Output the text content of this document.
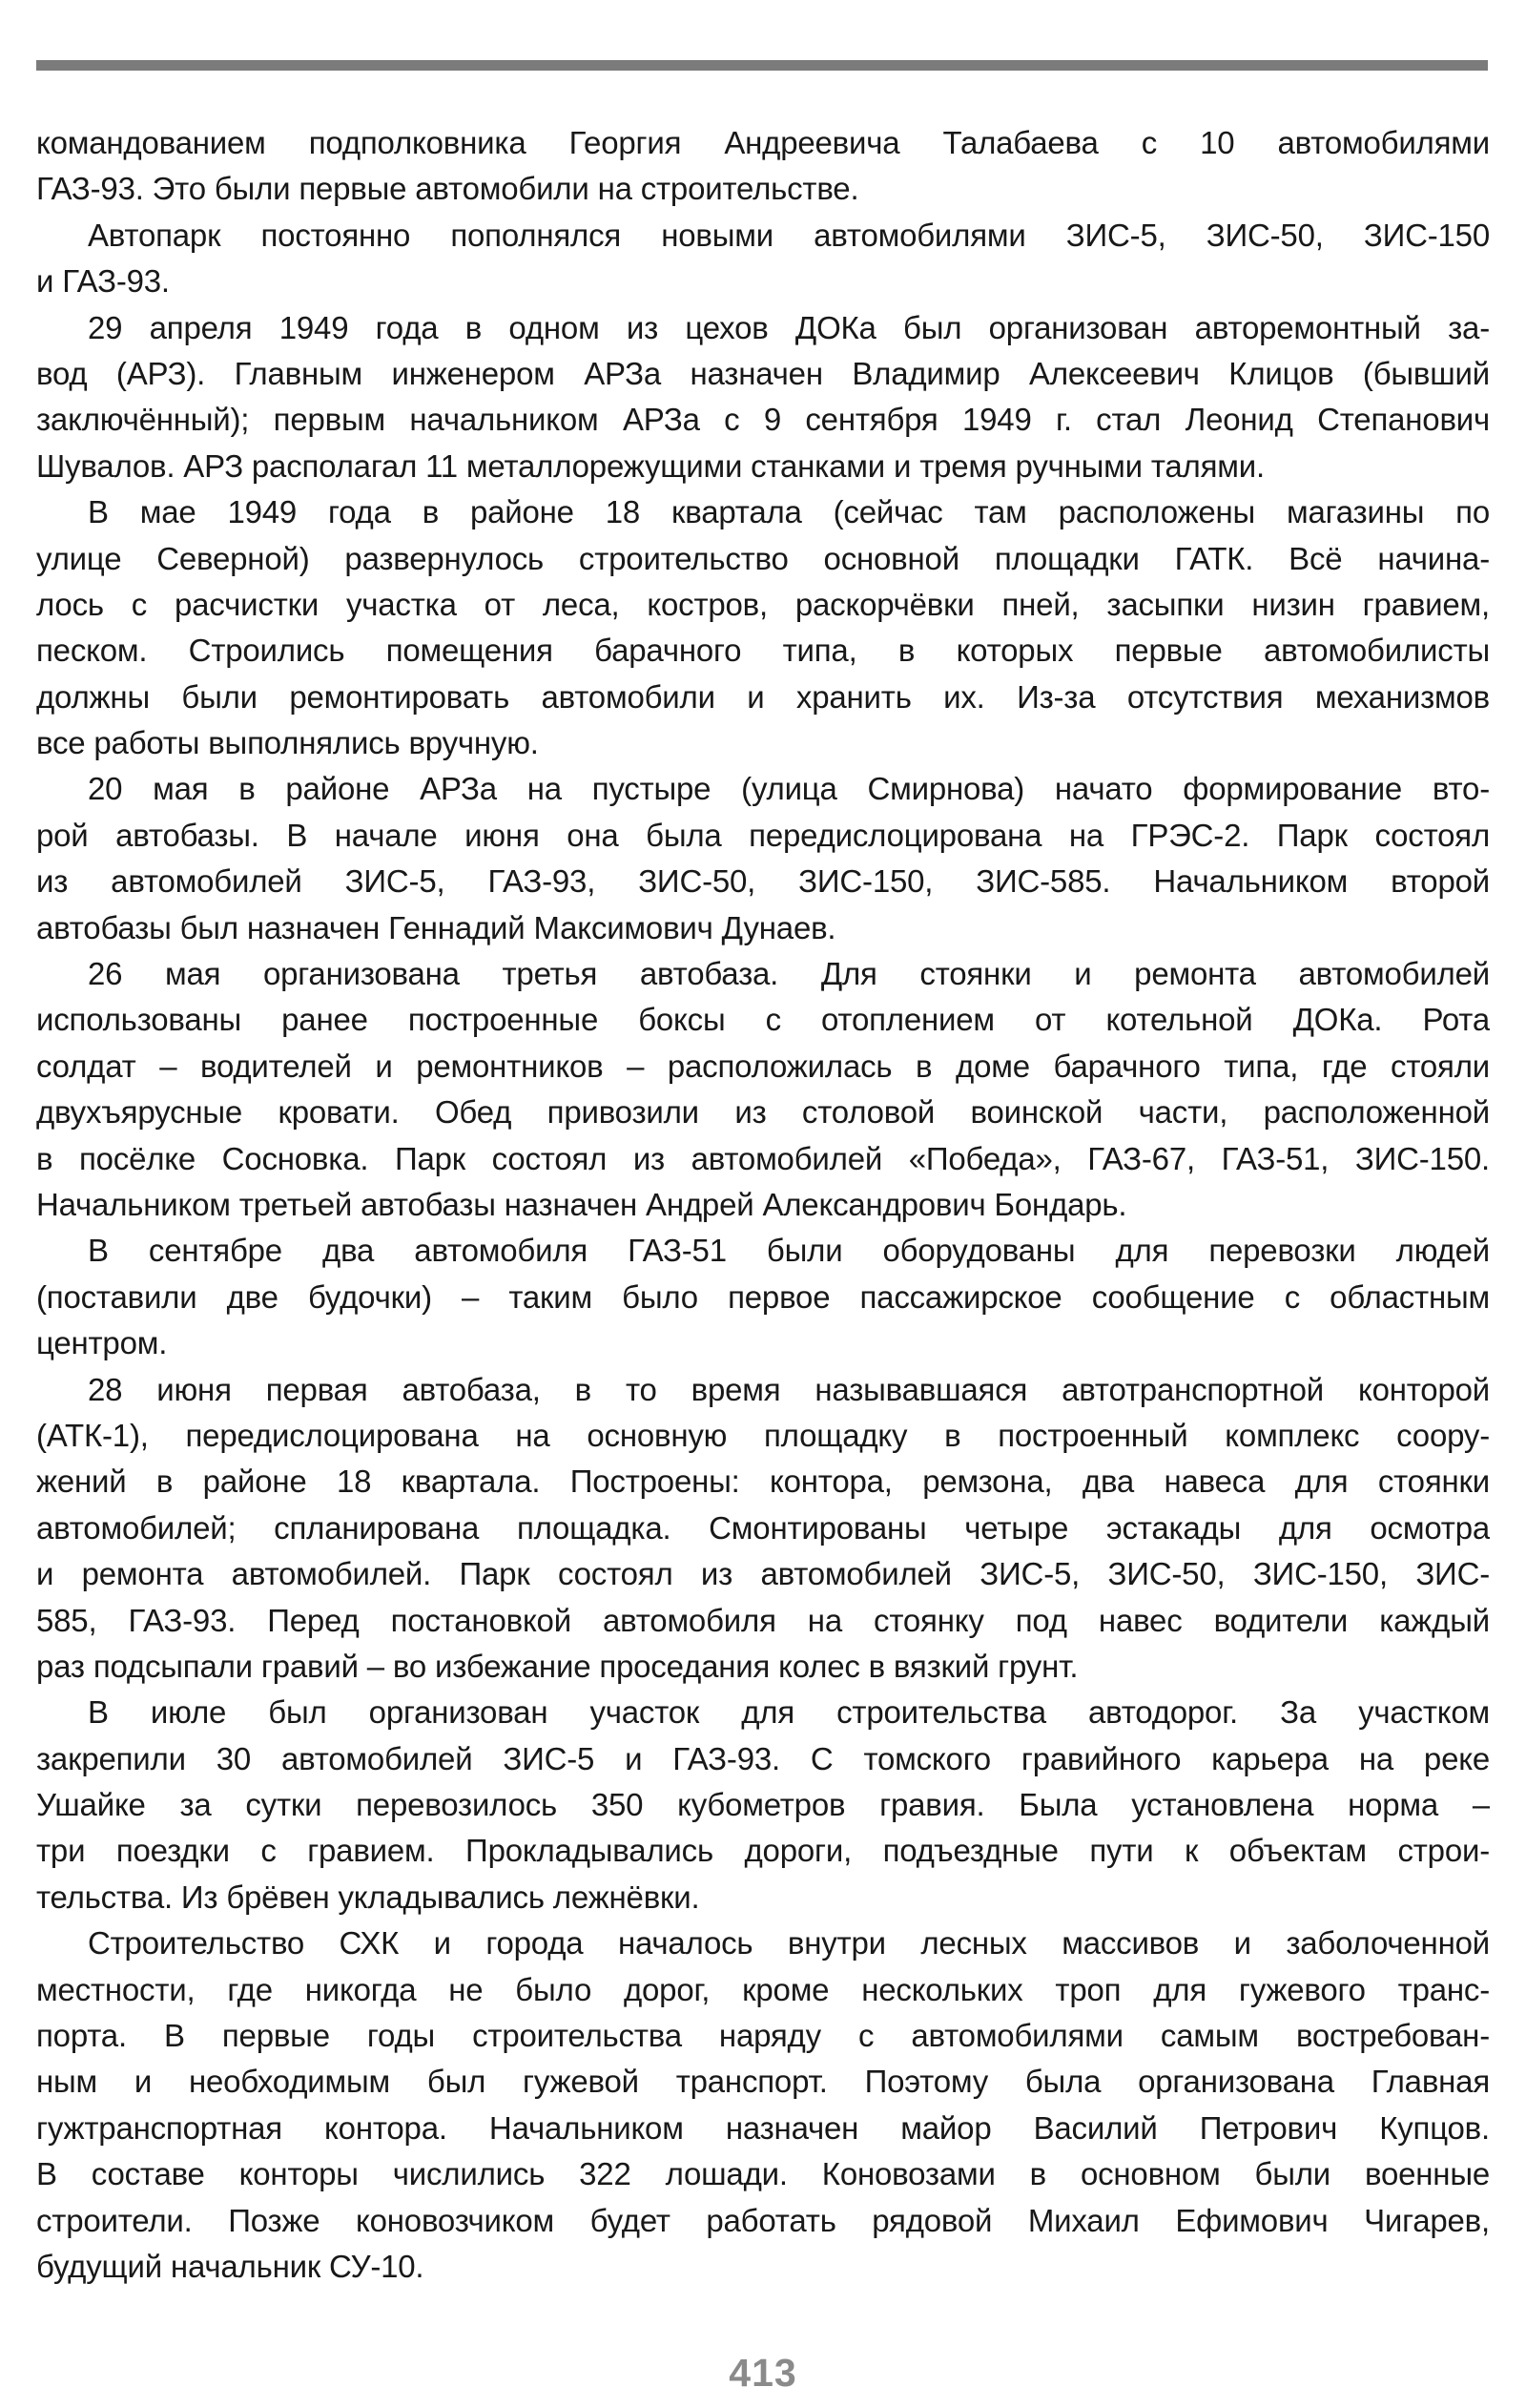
командованием подполковника Георгия Андреевича Талабаева с 10 автомобилями
ГАЗ-93. Это были первые автомобили на строительстве.

Автопарк постоянно пополнялся новыми автомобилями ЗИС-5, ЗИС-50, ЗИС-150
и ГАЗ-93.

29 апреля 1949 года в одном из цехов ДОКа был организован авторемонтный за-
вод (АРЗ). Главным инженером АРЗа назначен Владимир Алексеевич Клицов (бывший
заключённый); первым начальником АРЗа с 9 сентября 1949 г. стал Леонид Степанович
Шувалов. АРЗ располагал 11 металлорежущими станками и тремя ручными талями.

В мае 1949 года в районе 18 квартала (сейчас там расположены магазины по
улице Северной) развернулось строительство основной площадки ГАТК. Всё начина-
лось с расчистки участка от леса, костров, раскорчёвки пней, засыпки низин гравием,
песком. Строились помещения барачного типа, в которых первые автомобилисты
должны были ремонтировать автомобили и хранить их. Из-за отсутствия механизмов
все работы выполнялись вручную.

20 мая в районе АРЗа на пустыре (улица Смирнова) начато формирование вто-
рой автобазы. В начале июня она была передислоцирована на ГРЭС-2. Парк состоял
из автомобилей ЗИС-5, ГАЗ-93, ЗИС-50, ЗИС-150, ЗИС-585. Начальником второй
автобазы был назначен Геннадий Максимович Дунаев.

26 мая организована третья автобаза. Для стоянки и ремонта автомобилей
использованы ранее построенные боксы с отоплением от котельной ДОКа. Рота
солдат – водителей и ремонтников – расположилась в доме барачного типа, где стояли
двухъярусные кровати. Обед привозили из столовой воинской части, расположенной
в посёлке Сосновка. Парк состоял из автомобилей «Победа», ГАЗ-67, ГАЗ-51, ЗИС-150.
Начальником третьей автобазы назначен Андрей Александрович Бондарь.

В сентябре два автомобиля ГАЗ-51 были оборудованы для перевозки людей
(поставили две будочки) – таким было первое пассажирское сообщение с областным
центром.

28 июня первая автобаза, в то время называвшаяся автотранспортной конторой
(АТК-1), передислоцирована на основную площадку в построенный комплекс соору-
жений в районе 18 квартала. Построены: контора, ремзона, два навеса для стоянки
автомобилей; спланирована площадка. Смонтированы четыре эстакады для осмотра
и ремонта автомобилей. Парк состоял из автомобилей ЗИС-5, ЗИС-50, ЗИС-150, ЗИС-
585, ГАЗ-93. Перед постановкой автомобиля на стоянку под навес водители каждый
раз подсыпали гравий – во избежание проседания колес в вязкий грунт.

В июле был организован участок для строительства автодорог. За участком
закрепили 30 автомобилей ЗИС-5 и ГАЗ-93. С томского гравийного карьера на реке
Ушайке за сутки перевозилось 350 кубометров гравия. Была установлена норма –
три поездки с гравием. Прокладывались дороги, подъездные пути к объектам строи-
тельства. Из брёвен укладывались лежнёвки.

Строительство СХК и города началось внутри лесных массивов и заболоченной
местности, где никогда не было дорог, кроме нескольких троп для гужевого транс-
порта. В первые годы строительства наряду с автомобилями самым востребован-
ным и необходимым был гужевой транспорт. Поэтому была организована Главная
гужтранспортная контора. Начальником назначен майор Василий Петрович Купцов.
В составе конторы числились 322 лошади. Коновозами в основном были военные
строители. Позже коновозчиком будет работать рядовой Михаил Ефимович Чигарев,
будущий начальник СУ-10.

413
